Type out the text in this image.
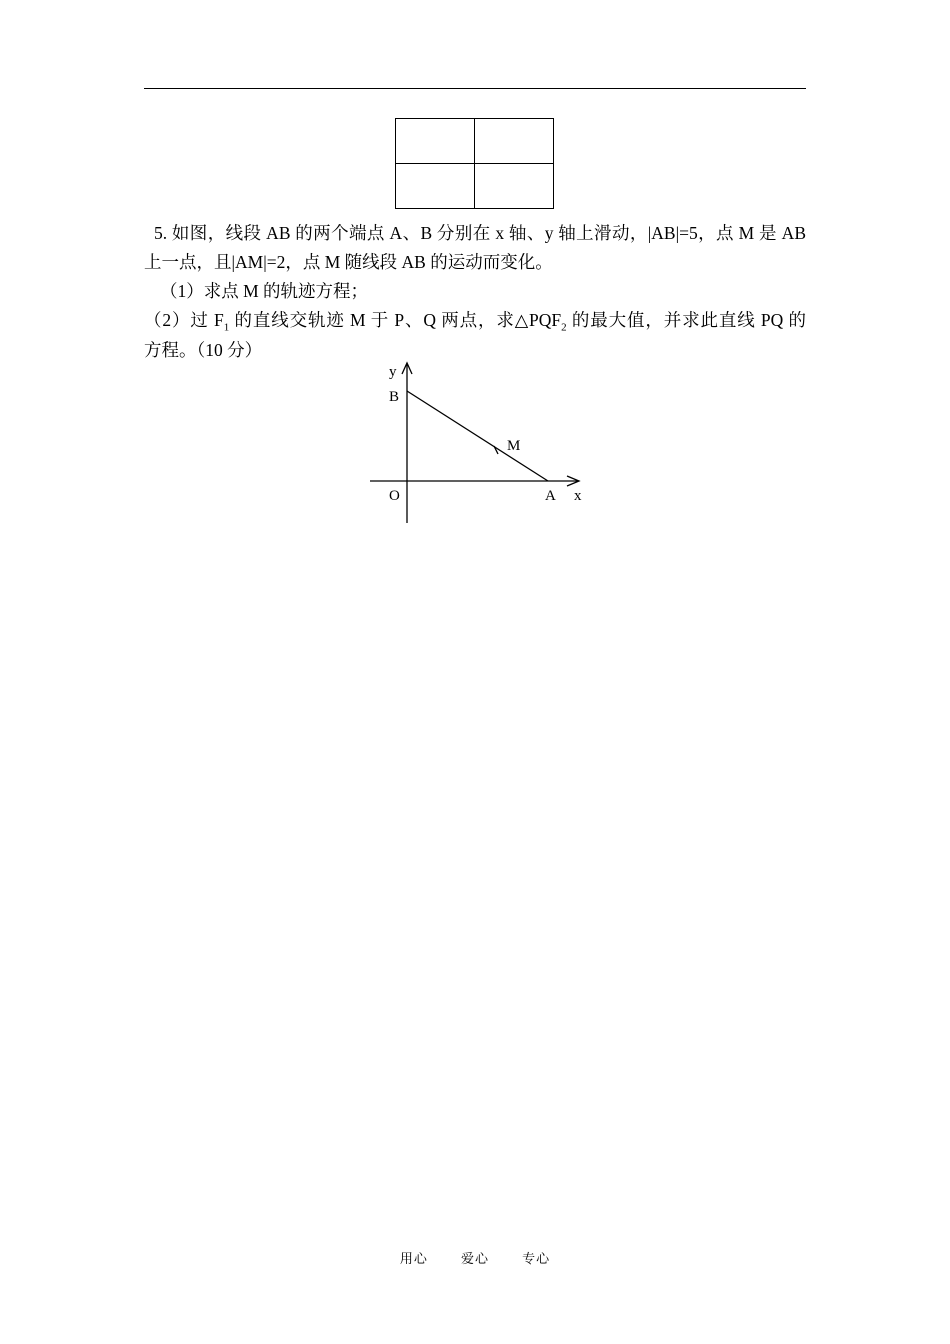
5. 如图，线段 AB 的两个端点 A、B 分别在 x 轴、y 轴上滑动，|AB|=5，点 M 是 AB

上一点，且|AM|=2，点 M 随线段 AB 的运动而变化。

（1）求点 M 的轨迹方程；

（2）过 $F_1$ 的直线交轨迹 M 于 P、Q 两点，求$\triangle PQF_2$ 的最大值，并求此直线 PQ 的

方程。（10 分）

y
B
M
O	A x
用心	爱心	专心
